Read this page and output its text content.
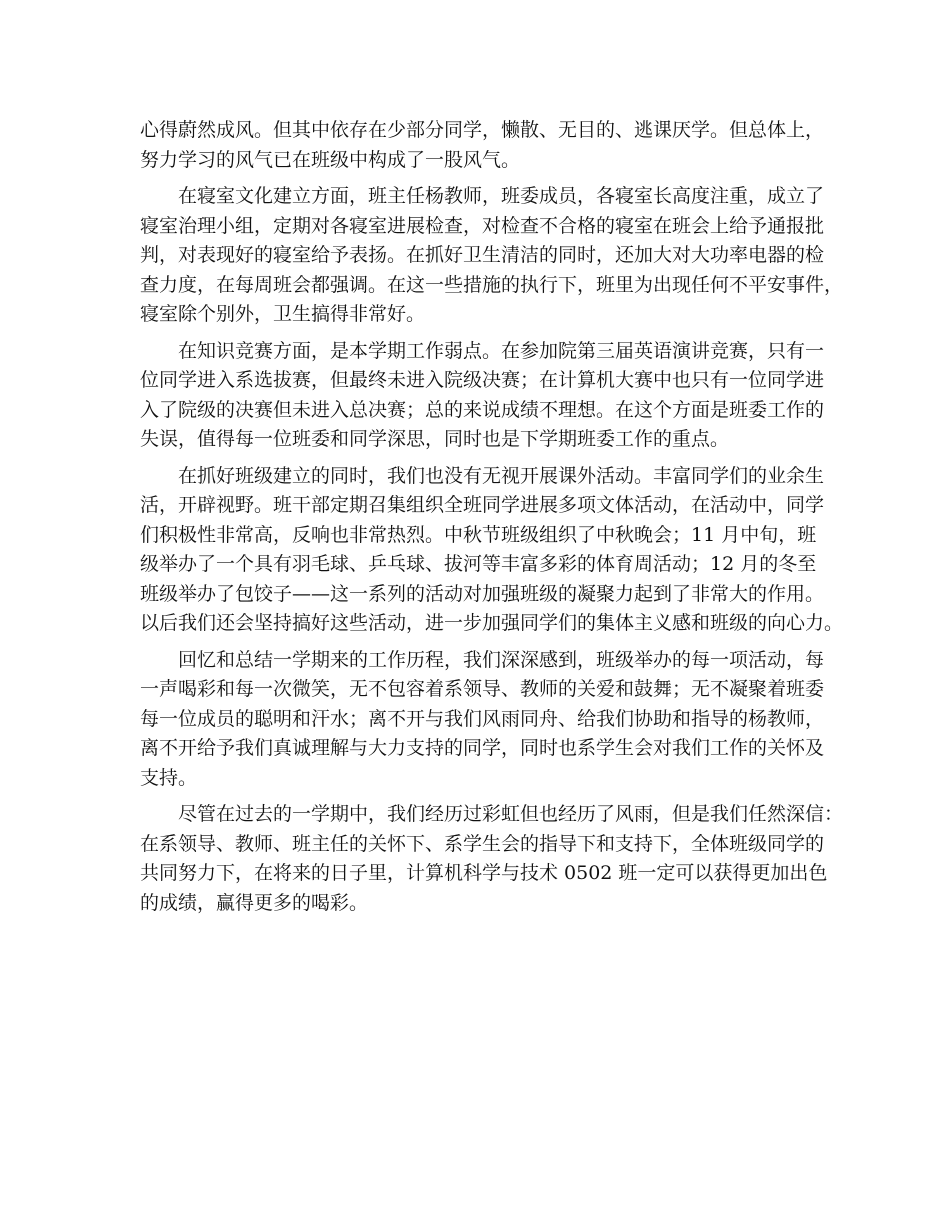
心得蔚然成风。但其中依存在少部分同学，懒散、无目的、逃课厌学。但总体上，
努力学习的风气已在班级中构成了一股风气。
在寝室文化建立方面，班主任杨教师，班委成员，各寝室长高度注重，成立了
寝室治理小组，定期对各寝室进展检查，对检查不合格的寝室在班会上给予通报批
判，对表现好的寝室给予表扬。在抓好卫生清洁的同时，还加大对大功率电器的检
查力度，在每周班会都强调。在这一些措施的执行下，班里为出现任何不平安事件，
寝室除个别外，卫生搞得非常好。
在知识竞赛方面，是本学期工作弱点。在参加院第三届英语演讲竞赛，只有一
位同学进入系选拔赛，但最终未进入院级决赛；在计算机大赛中也只有一位同学进
入了院级的决赛但未进入总决赛；总的来说成绩不理想。在这个方面是班委工作的
失误，值得每一位班委和同学深思，同时也是下学期班委工作的重点。
在抓好班级建立的同时，我们也没有无视开展课外活动。丰富同学们的业余生
活，开辟视野。班干部定期召集组织全班同学进展多项文体活动，在活动中，同学
们积极性非常高，反响也非常热烈。中秋节班级组织了中秋晚会；11 月中旬，班
级举办了一个具有羽毛球、乒乓球、拔河等丰富多彩的体育周活动；12 月的冬至
班级举办了包饺子——这一系列的活动对加强班级的凝聚力起到了非常大的作用。
以后我们还会坚持搞好这些活动，进一步加强同学们的集体主义感和班级的向心力。
回忆和总结一学期来的工作历程，我们深深感到，班级举办的每一项活动，每
一声喝彩和每一次微笑，无不包容着系领导、教师的关爱和鼓舞；无不凝聚着班委
每一位成员的聪明和汗水；离不开与我们风雨同舟、给我们协助和指导的杨教师，
离不开给予我们真诚理解与大力支持的同学，同时也系学生会对我们工作的关怀及
支持。
尽管在过去的一学期中，我们经历过彩虹但也经历了风雨，但是我们任然深信：
在系领导、教师、班主任的关怀下、系学生会的指导下和支持下，全体班级同学的
共同努力下，在将来的日子里，计算机科学与技术 0502 班一定可以获得更加出色
的成绩，赢得更多的喝彩。
